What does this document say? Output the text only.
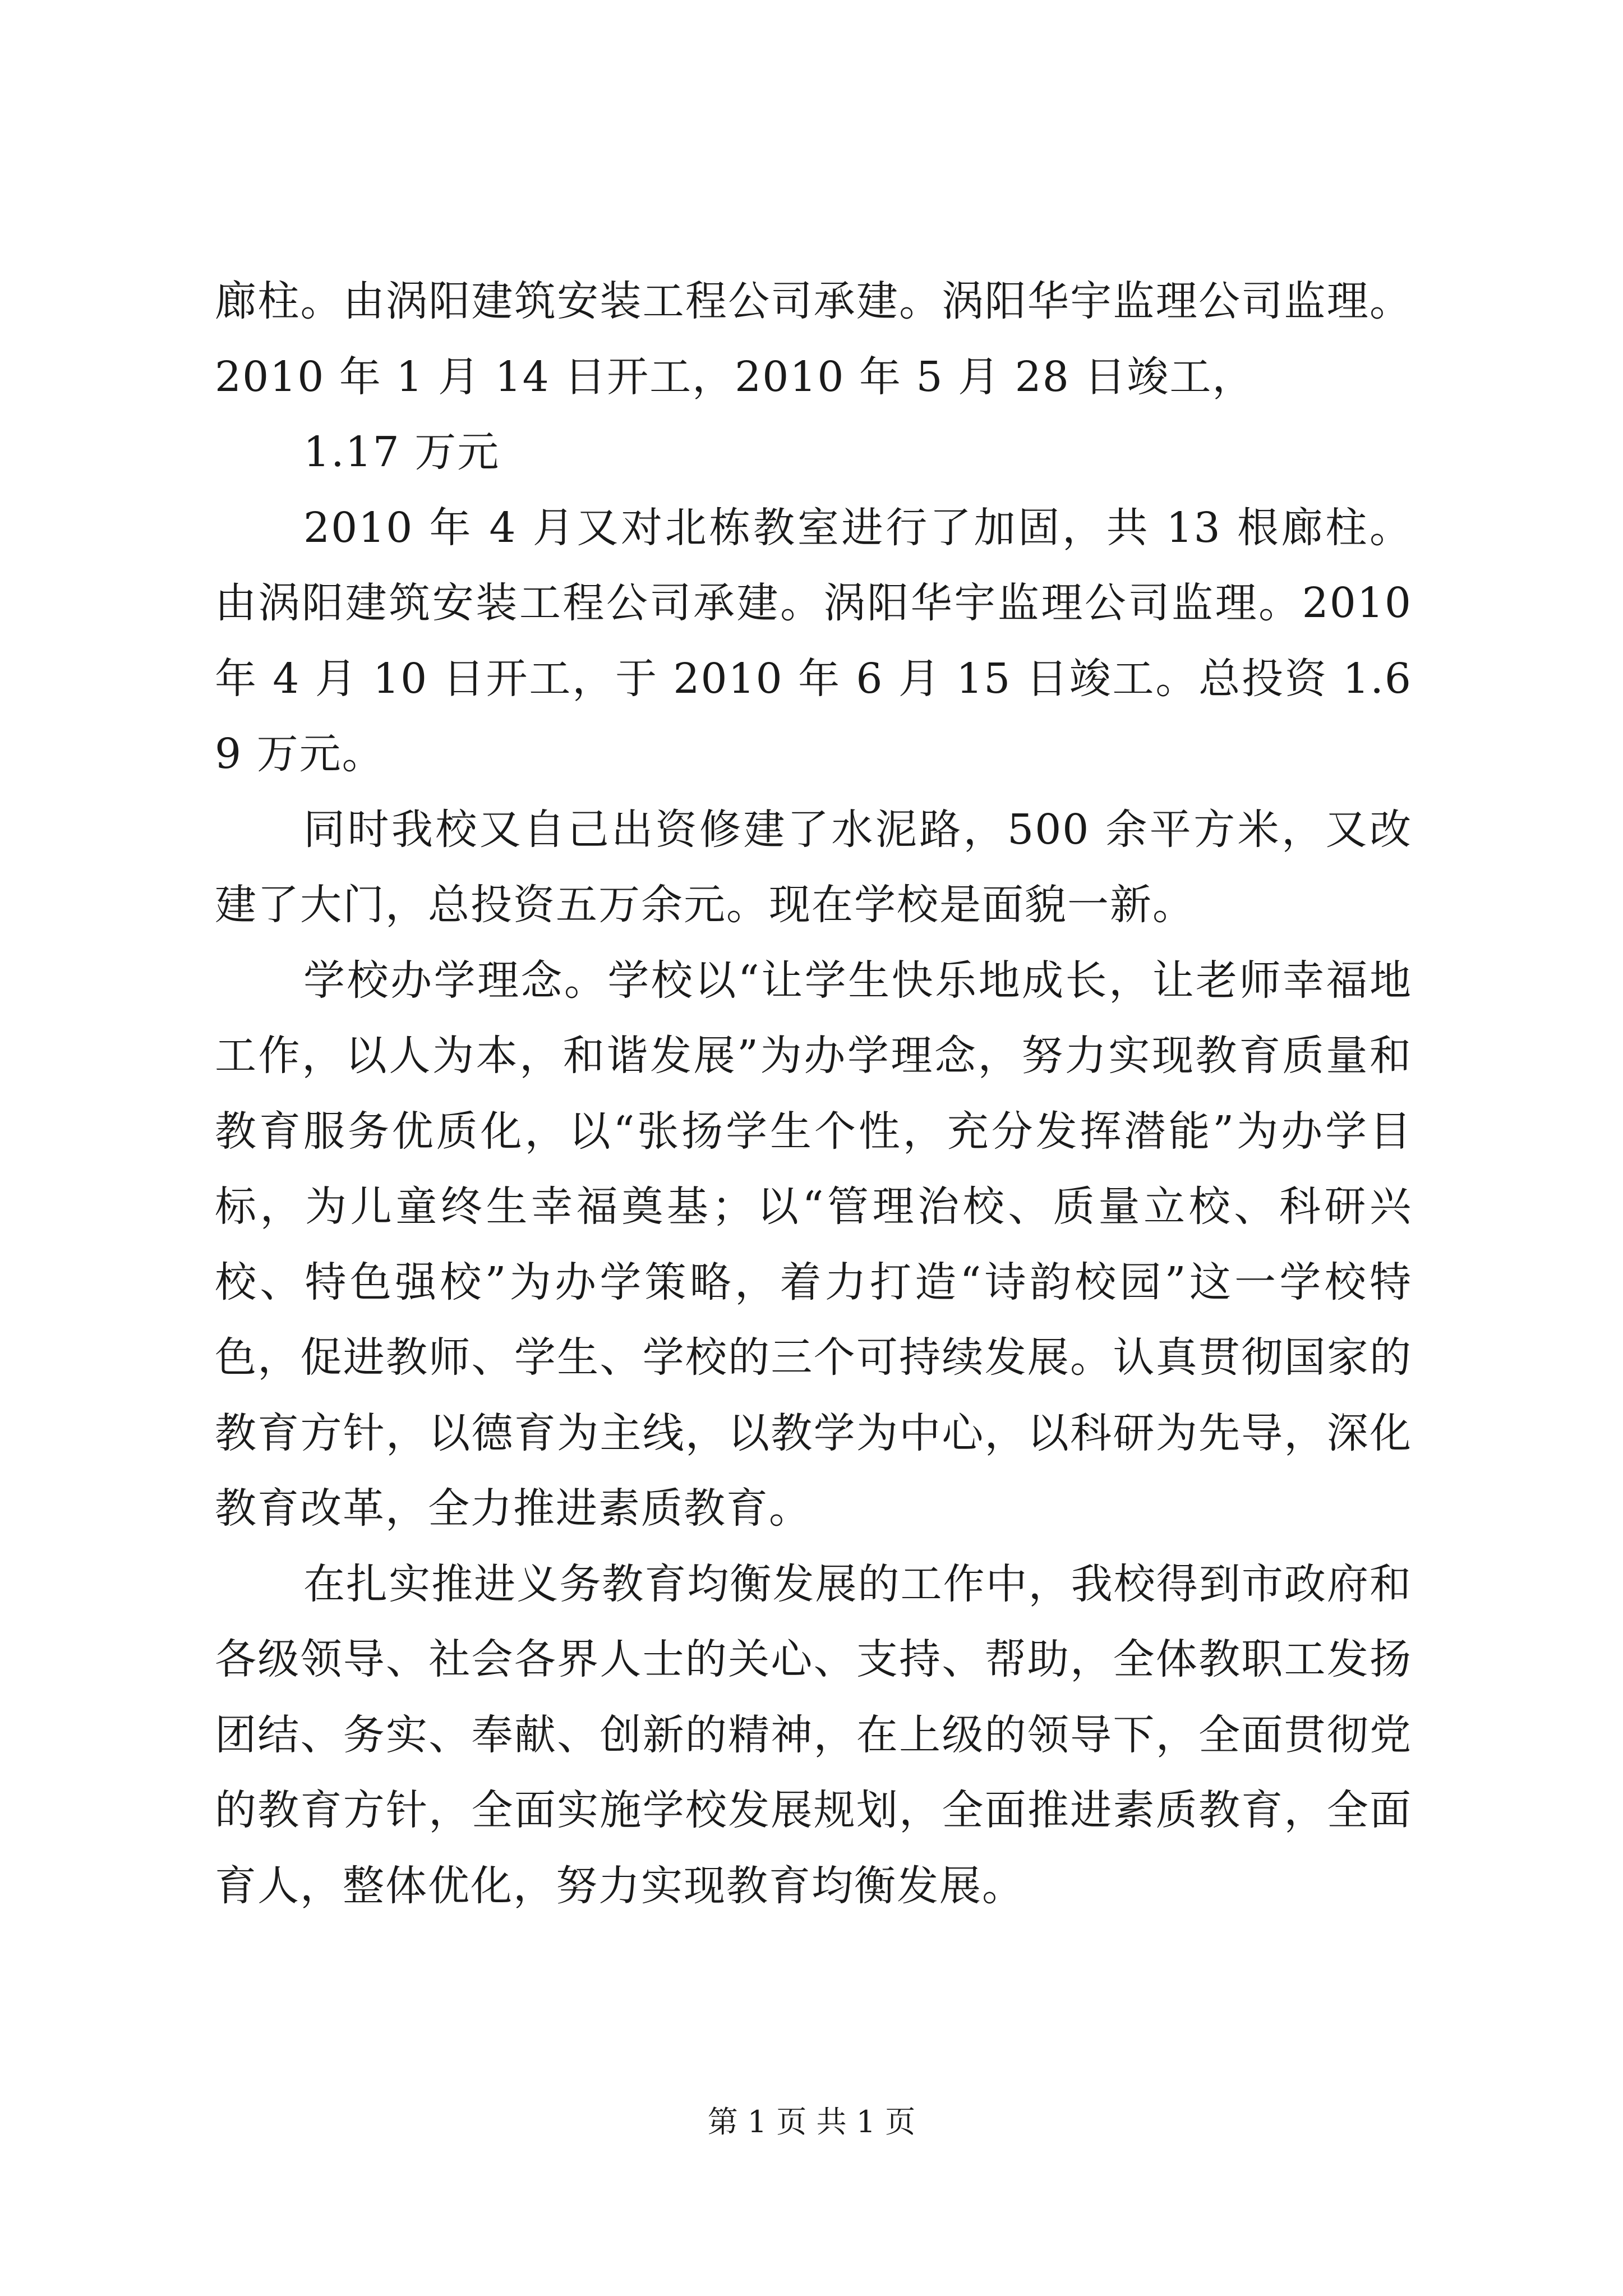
廊柱。由涡阳建筑安装工程公司承建。涡阳华宇监理公司监理。2010 年 1 月 14 日开工，2010 年 5 月 28 日竣工，

1.17 万元

2010 年 4 月又对北栋教室进行了加固，共 13 根廊柱。由涡阳建筑安装工程公司承建。涡阳华宇监理公司监理。2010 年 4 月 10 日开工，于 2010 年 6 月 15 日竣工。总投资 1.69 万元。

同时我校又自己出资修建了水泥路，500 余平方米，又改建了大门，总投资五万余元。现在学校是面貌一新。

学校办学理念。学校以“让学生快乐地成长，让老师幸福地工作，以人为本，和谐发展”为办学理念，努力实现教育质量和教育服务优质化，以“张扬学生个性，充分发挥潜能”为办学目标，为儿童终生幸福奠基；以“管理治校、质量立校、科研兴校、特色强校”为办学策略，着力打造“诗韵校园”这一学校特色，促进教师、学生、学校的三个可持续发展。认真贯彻国家的教育方针，以德育为主线，以教学为中心，以科研为先导，深化教育改革，全力推进素质教育。

在扎实推进义务教育均衡发展的工作中，我校得到市政府和各级领导、社会各界人士的关心、支持、帮助，全体教职工发扬团结、务实、奉献、创新的精神，在上级的领导下，全面贯彻党的教育方针，全面实施学校发展规划，全面推进素质教育，全面育人，整体优化，努力实现教育均衡发展。

第 1 页 共 1 页
